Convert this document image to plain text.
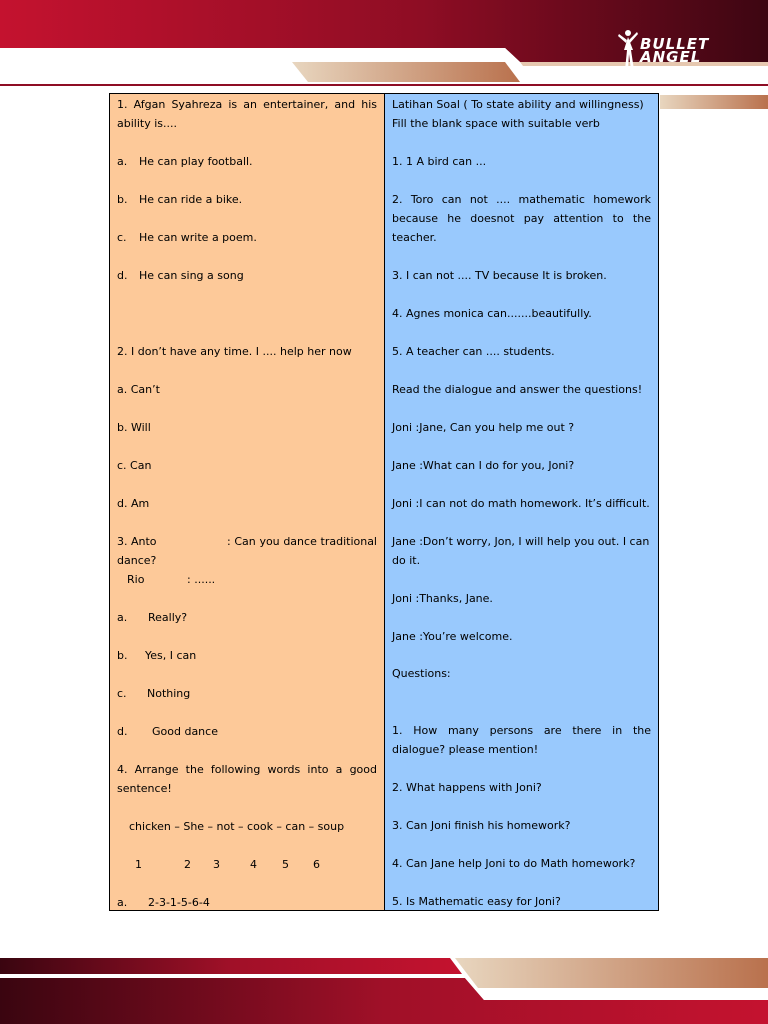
BULLET
ANGEL

1. Afgan Syahreza is an entertainer, and his

ability is....

a. He can play football.
b. He can ride a bike.
c. He can write a poem.
d. He can sing a song

2. I don’t have any time. I .... help her now

a. Can’t

b. Will

c. Can

d. Am

3. Anto	: Can you dance traditional

dance?

Rio	: ......
a. Really?
b. Yes, I can
c. Nothing
d. Good dance

4. Arrange the following words into a good

sentence!

chicken – She – not – cook – can – soup

1	2 3	4 5 6
a. 2-3-1-5-6-4

Latihan Soal ( To state ability and willingness)

Fill the blank space with suitable verb

1. 1 A bird can ...

2. Toro can not .... mathematic homework

because he doesnot pay attention to the

teacher.

3. I can not .... TV because It is broken.

4. Agnes monica can.......beautifully.

5. A teacher can .... students.

Read the dialogue and answer the questions!

Joni :Jane, Can you help me out ?

Jane :What can I do for you, Joni?

Joni :I can not do math homework. It’s difficult.

Jane :Don’t worry, Jon, I will help you out. I can

do it.

Joni :Thanks, Jane.

Jane :You’re welcome.

Questions:

1. How many persons are there in the

dialogue? please mention!

2. What happens with Joni?

3. Can Joni finish his homework?

4. Can Jane help Joni to do Math homework?

5. Is Mathematic easy for Joni?
